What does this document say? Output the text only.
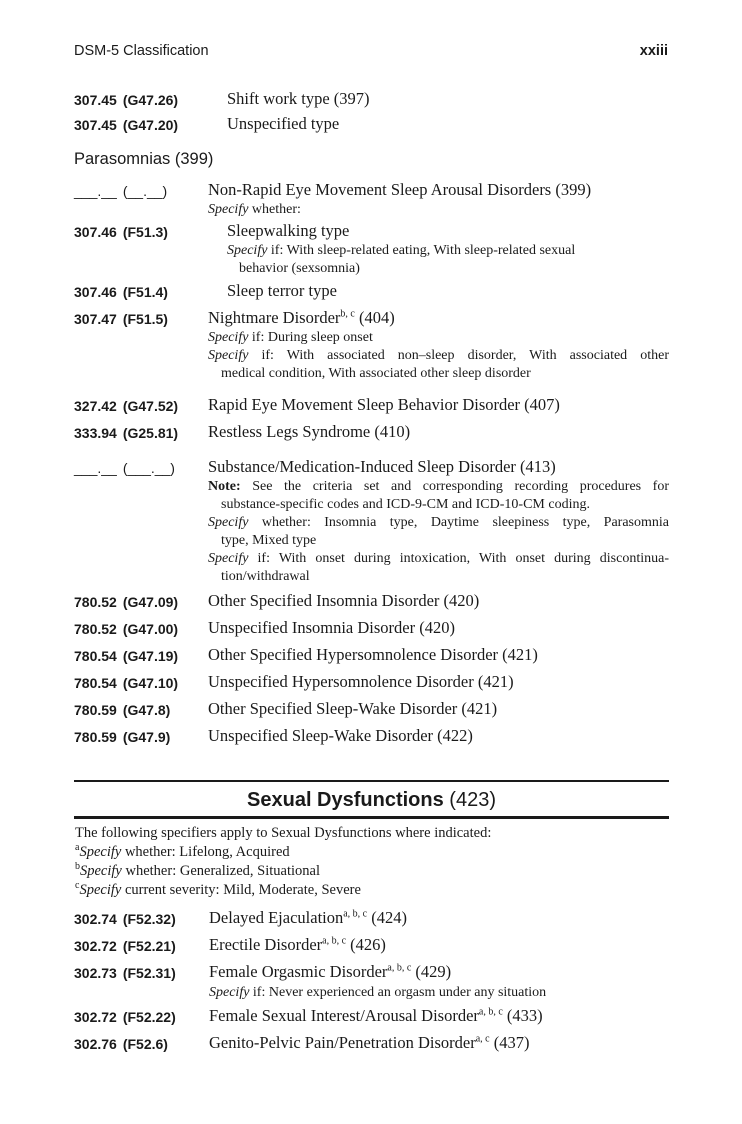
DSM-5 Classification	xxiii
307.45 (G47.26)	Shift work type (397)
307.45 (G47.20)	Unspecified type
Parasomnias (399)
___.__ (__.__) Non-Rapid Eye Movement Sleep Arousal Disorders (399)
Specify whether:
307.46 (F51.3)	Sleepwalking type
Specify if: With sleep-related eating, With sleep-related sexual
behavior (sexsomnia)
307.46 (F51.4)	Sleep terror type
307.47 (F51.5) Nightmare Disorder$^{b, c}$ (404)
Specify if: During sleep onset
Specify if: With associated non–sleep disorder, With associated other
medical condition, With associated other sleep disorder
327.42 (G47.52) Rapid Eye Movement Sleep Behavior Disorder (407)
333.94 (G25.81) Restless Legs Syndrome (410)
___.__ (___.__) Substance/Medication-Induced Sleep Disorder (413)
Note: See the criteria set and corresponding recording procedures for
substance-specific codes and ICD-9-CM and ICD-10-CM coding.
Specify whether: Insomnia type, Daytime sleepiness type, Parasomnia
type, Mixed type
Specify if: With onset during intoxication, With onset during discontinua-
tion/withdrawal
780.52 (G47.09) Other Specified Insomnia Disorder (420)
780.52 (G47.00) Unspecified Insomnia Disorder (420)
780.54 (G47.19) Other Specified Hypersomnolence Disorder (421)
780.54 (G47.10) Unspecified Hypersomnolence Disorder (421)
780.59 (G47.8) Other Specified Sleep-Wake Disorder (421)
780.59 (G47.9) Unspecified Sleep-Wake Disorder (422)
Sexual Dysfunctions (423)
The following specifiers apply to Sexual Dysfunctions where indicated:
$^a$Specify whether: Lifelong, Acquired
$^b$Specify whether: Generalized, Situational
$^c$Specify current severity: Mild, Moderate, Severe
302.74 (F52.32) Delayed Ejaculation$^{a, b, c}$ (424)
302.72 (F52.21) Erectile Disorder$^{a, b, c}$ (426)
302.73 (F52.31) Female Orgasmic Disorder$^{a, b, c}$ (429)
Specify if: Never experienced an orgasm under any situation
302.72 (F52.22) Female Sexual Interest/Arousal Disorder$^{a, b, c}$ (433)
302.76 (F52.6) Genito-Pelvic Pain/Penetration Disorder$^{a, c}$ (437)
